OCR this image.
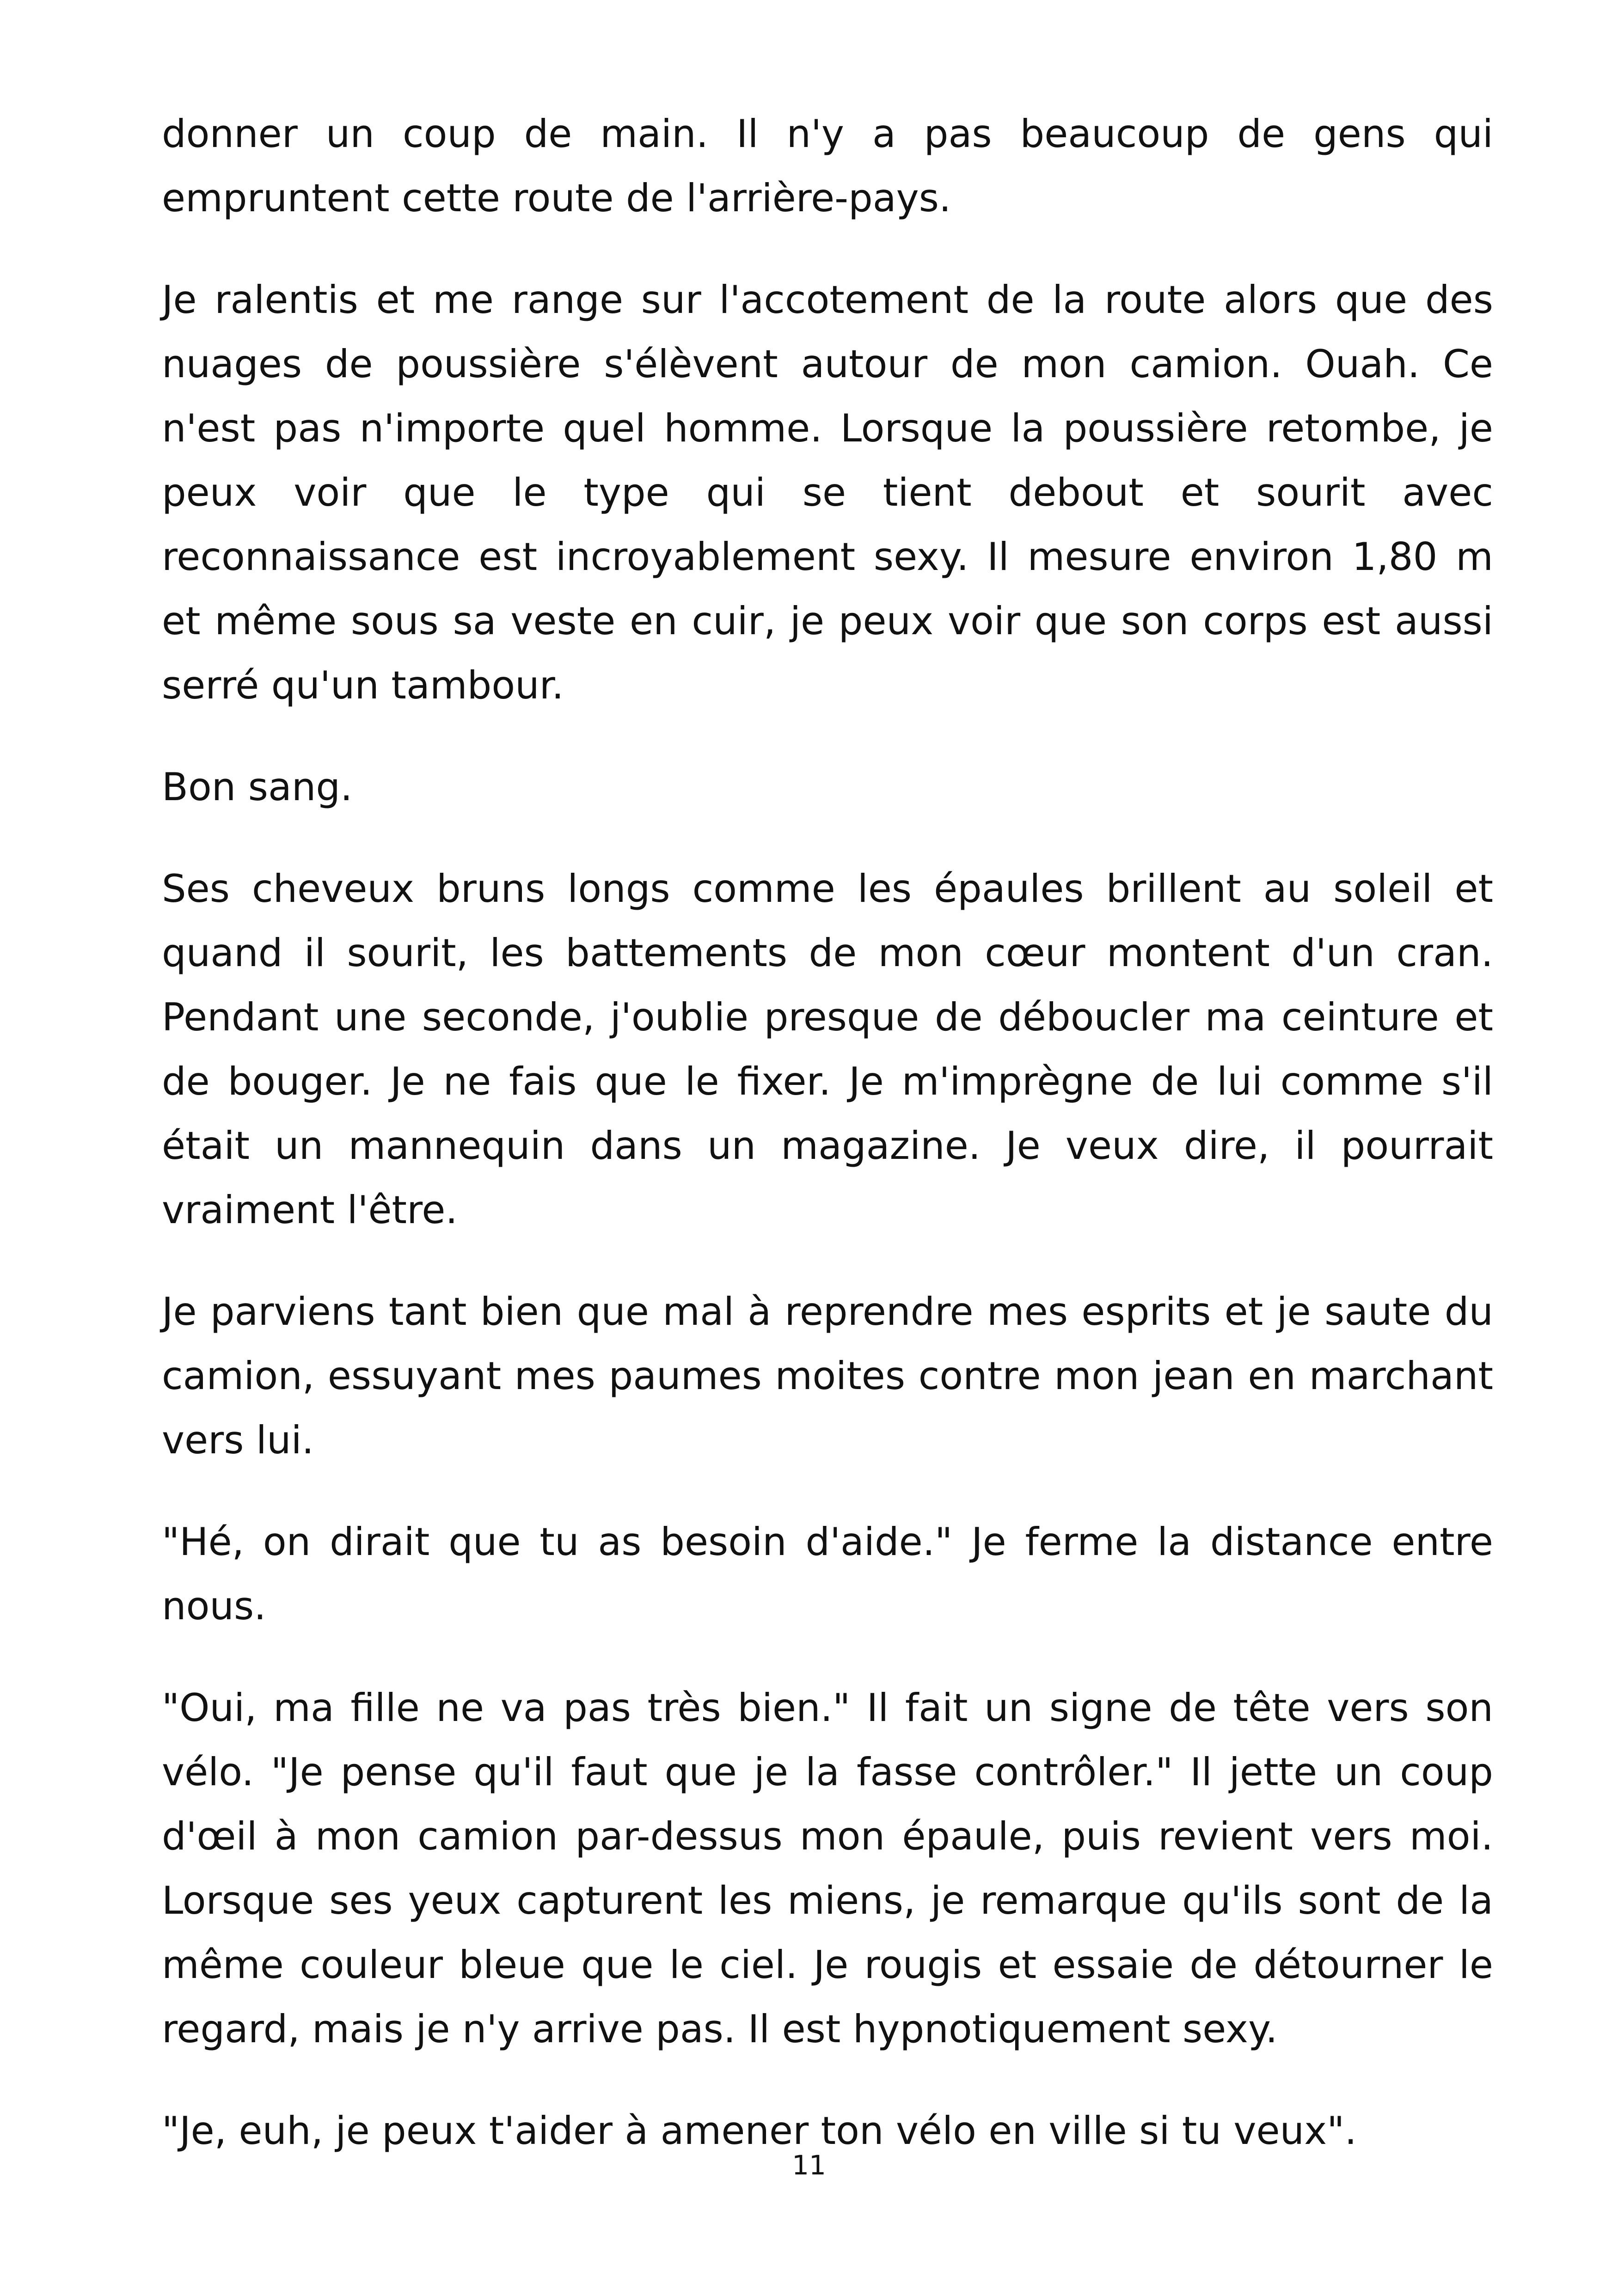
donner un coup de main. Il n'y a pas beaucoup de gens qui empruntent cette route de l'arrière-pays.

Je ralentis et me range sur l'accotement de la route alors que des nuages de poussière s'élèvent autour de mon camion. Ouah. Ce n'est pas n'importe quel homme. Lorsque la poussière retombe, je peux voir que le type qui se tient debout et sourit avec reconnaissance est incroyablement sexy. Il mesure environ 1,80 m et même sous sa veste en cuir, je peux voir que son corps est aussi serré qu'un tambour.

Bon sang.

Ses cheveux bruns longs comme les épaules brillent au soleil et quand il sourit, les battements de mon cœur montent d'un cran. Pendant une seconde, j'oublie presque de déboucler ma ceinture et de bouger. Je ne fais que le fixer. Je m'imprègne de lui comme s'il était un mannequin dans un magazine. Je veux dire, il pourrait vraiment l'être.

Je parviens tant bien que mal à reprendre mes esprits et je saute du camion, essuyant mes paumes moites contre mon jean en marchant vers lui.

"Hé, on dirait que tu as besoin d'aide." Je ferme la distance entre nous.

"Oui, ma fille ne va pas très bien." Il fait un signe de tête vers son vélo. "Je pense qu'il faut que je la fasse contrôler." Il jette un coup d'œil à mon camion par-dessus mon épaule, puis revient vers moi. Lorsque ses yeux capturent les miens, je remarque qu'ils sont de la même couleur bleue que le ciel. Je rougis et essaie de détourner le regard, mais je n'y arrive pas. Il est hypnotiquement sexy.

"Je, euh, je peux t'aider à amener ton vélo en ville si tu veux".

11
